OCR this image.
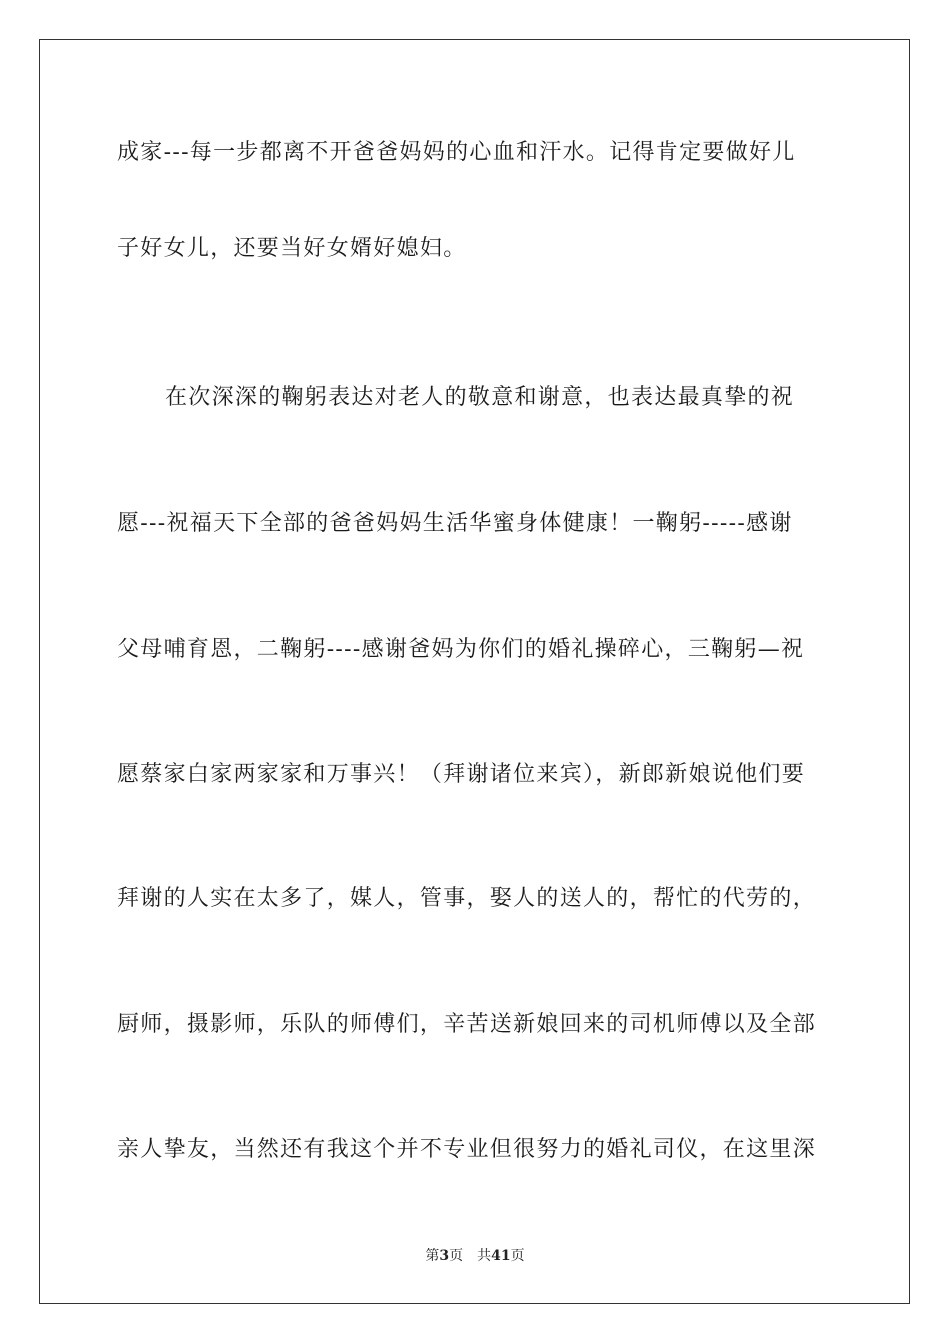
成家---每一步都离不开爸爸妈妈的心血和汗水。记得肯定要做好儿
子好女儿，还要当好女婿好媳妇。
在次深深的鞠躬表达对老人的敬意和谢意，也表达最真挚的祝
愿---祝福天下全部的爸爸妈妈生活华蜜身体健康！一鞠躬-----感谢
父母哺育恩，二鞠躬----感谢爸妈为你们的婚礼操碎心，三鞠躬—祝
愿蔡家白家两家家和万事兴！（拜谢诸位来宾），新郎新娘说他们要
拜谢的人实在太多了，媒人，管事，娶人的送人的，帮忙的代劳的，
厨师，摄影师，乐队的师傅们，辛苦送新娘回来的司机师傅以及全部
亲人挚友，当然还有我这个并不专业但很努力的婚礼司仪，在这里深
第3页 共41页
